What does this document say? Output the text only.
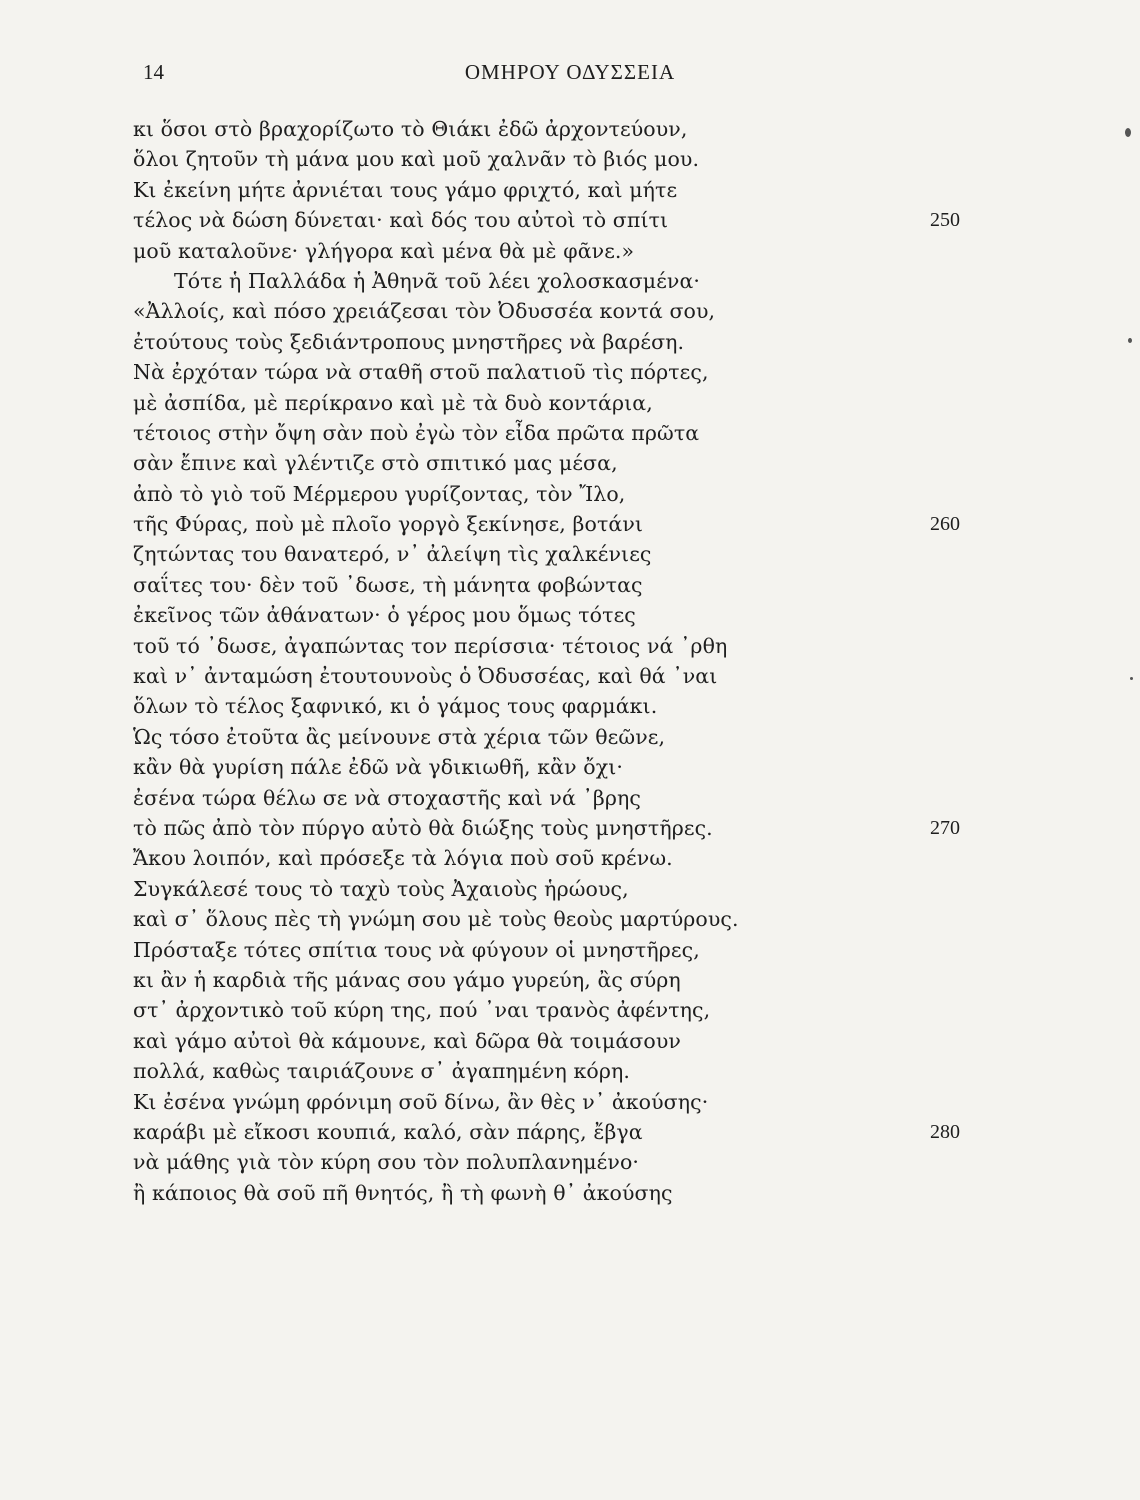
14	ΟΜΗΡΟΥ ΟΔΥΣΣΕΙΑ
κι ὅσοι στὸ βραχορίζωτο τὸ Θιάκι ἐδῶ ἀρχοντεύουν,
ὅλοι ζητοῦν τὴ μάνα μου καὶ μοῦ χαλνᾶν τὸ βιός μου.
Κι ἐκείνη μήτε ἀρνιέται τους γάμο φριχτό, καὶ μήτε
τέλος νὰ δώση δύνεται· καὶ δός του αὐτοὶ τὸ σπίτι	250
μοῦ καταλοῦνε· γλήγορα καὶ μένα θὰ μὲ φᾶνε.»
Τότε ἡ Παλλάδα ἡ Ἀθηνᾶ τοῦ λέει χολοσκασμένα·
«Ἀλλοίς, καὶ πόσο χρειάζεσαι τὸν Ὀδυσσέα κοντά σου,
ἐτούτους τοὺς ξεδιάντροπους μνηστῆρες νὰ βαρέση.
Νὰ ἐρχόταν τώρα νὰ σταθῆ στοῦ παλατιοῦ τὶς πόρτες,
μὲ ἀσπίδα, μὲ περίκρανο καὶ μὲ τὰ δυὸ κοντάρια,
τέτοιος στὴν ὄψη σὰν ποὺ ἐγὼ τὸν εἶδα πρῶτα πρῶτα
σὰν ἔπινε καὶ γλέντιζε στὸ σπιτικό μας μέσα,
ἀπὸ τὸ γιὸ τοῦ Μέρμερου γυρίζοντας, τὸν Ἴλο,
τῆς Φύρας, ποὺ μὲ πλοῖο γοργὸ ξεκίνησε, βοτάνι	260
ζητώντας του θανατερό, ν᾽ ἀλείψη τὶς χαλκένιες
σαΐτες του· δὲν τοῦ ᾽δωσε, τὴ μάνητα φοβώντας
ἐκεῖνος τῶν ἀθάνατων· ὁ γέρος μου ὅμως τότες
τοῦ τό ᾽δωσε, ἀγαπώντας τον περίσσια· τέτοιος νά ᾽ρθη
καὶ ν᾽ ἀνταμώση ἐτουτουνοὺς ὁ Ὀδυσσέας, καὶ θά ᾽ναι
ὅλων τὸ τέλος ξαφνικό, κι ὁ γάμος τους φαρμάκι.
Ὡς τόσο ἐτοῦτα ἂς μείνουνε στὰ χέρια τῶν θεῶνε,
κἂν θὰ γυρίση πάλε ἐδῶ νὰ γδικιωθῆ, κἂν ὄχι·
ἐσένα τώρα θέλω σε νὰ στοχαστῆς καὶ νά ᾽βρης
τὸ πῶς ἀπὸ τὸν πύργο αὐτὸ θὰ διώξης τοὺς μνηστῆρες.	270
Ἄκου λοιπόν, καὶ πρόσεξε τὰ λόγια ποὺ σοῦ κρένω.
Συγκάλεσέ τους τὸ ταχὺ τοὺς Ἀχαιοὺς ἡρώους,
καὶ σ᾽ ὅλους πὲς τὴ γνώμη σου μὲ τοὺς θεοὺς μαρτύρους.
Πρόσταξε τότες σπίτια τους νὰ φύγουν οἱ μνηστῆρες,
κι ἂν ἡ καρδιὰ τῆς μάνας σου γάμο γυρεύη, ἂς σύρη
στ᾽ ἀρχοντικὸ τοῦ κύρη της, πού ᾽ναι τρανὸς ἀφέντης,
καὶ γάμο αὐτοὶ θὰ κάμουνε, καὶ δῶρα θὰ τοιμάσουν
πολλά, καθὼς ταιριάζουνε σ᾽ ἀγαπημένη κόρη.
Κι ἐσένα γνώμη φρόνιμη σοῦ δίνω, ἂν θὲς ν᾽ ἀκούσης·
καράβι μὲ εἴκοσι κουπιά, καλό, σὰν πάρης, ἔβγα	280
νὰ μάθης γιὰ τὸν κύρη σου τὸν πολυπλανημένο·
ἢ κάποιος θὰ σοῦ πῆ θνητός, ἢ τὴ φωνὴ θ᾽ ἀκούσης
